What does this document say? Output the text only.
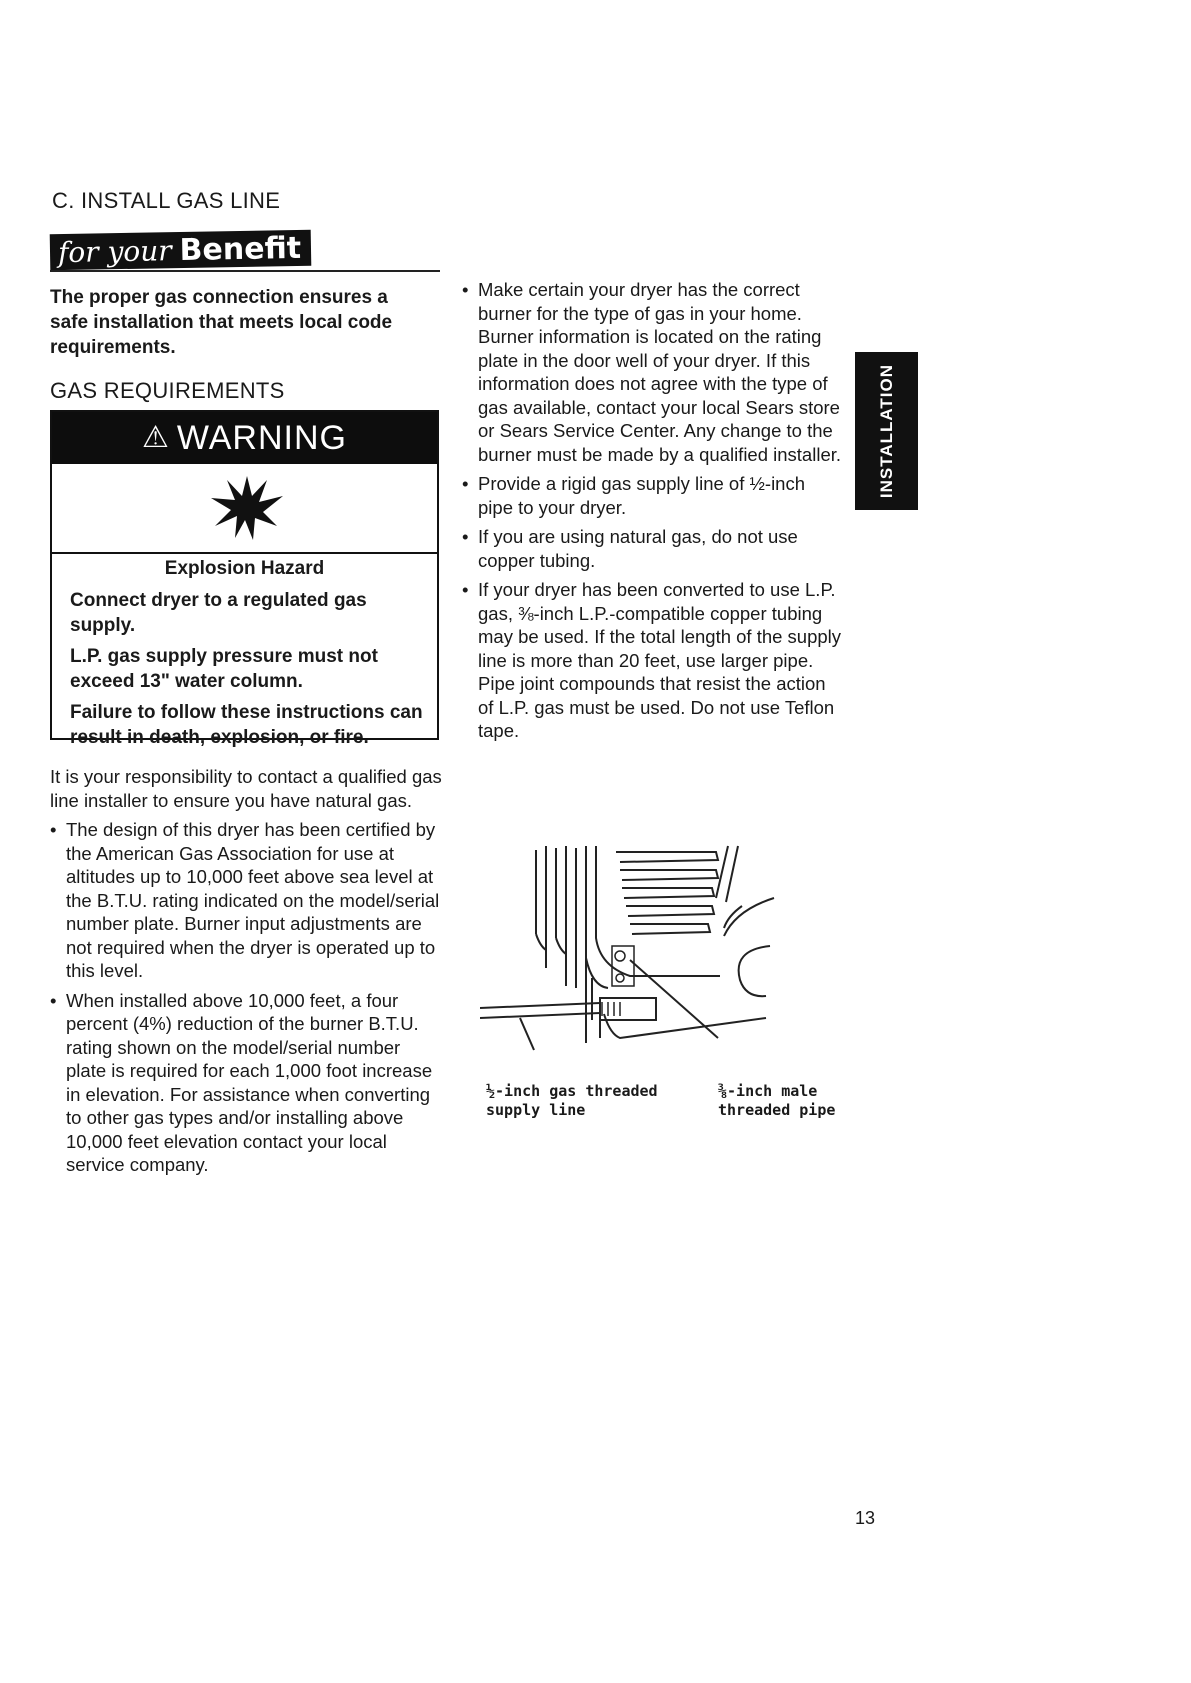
C. INSTALL GAS LINE
for your Benefit
The proper gas connection ensures a safe installation that meets local code requirements.
GAS REQUIREMENTS
⚠ WARNING
Explosion Hazard

Connect dryer to a regulated gas supply.

L.P. gas supply pressure must not exceed 13" water column.

Failure to follow these instructions can result in death, explosion, or fire.

It is your responsibility to contact a qualified gas line installer to ensure you have natural gas.

• The design of this dryer has been certified by the American Gas Association for use at altitudes up to 10,000 feet above sea level at the B.T.U. rating indicated on the model/serial number plate. Burner input adjustments are not required when the dryer is operated up to this level.
• When installed above 10,000 feet, a four percent (4%) reduction of the burner B.T.U. rating shown on the model/serial number plate is required for each 1,000 foot increase in elevation. For assistance when converting to other gas types and/or installing above 10,000 feet elevation contact your local service company.
• Make certain your dryer has the correct burner for the type of gas in your home. Burner information is located on the rating plate in the door well of your dryer. If this information does not agree with the type of gas available, contact your local Sears store or Sears Service Center. Any change to the burner must be made by a qualified installer.
• Provide a rigid gas supply line of ½-inch pipe to your dryer.
• If you are using natural gas, do not use copper tubing.
• If your dryer has been converted to use L.P. gas, ⅜-inch L.P.-compatible copper tubing may be used. If the total length of the supply line is more than 20 feet, use larger pipe. Pipe joint compounds that resist the action of L.P. gas must be used. Do not use Teflon tape.
INSTALLATION
½-inch gas threaded
supply line
⅜-inch male
threaded pipe
13
